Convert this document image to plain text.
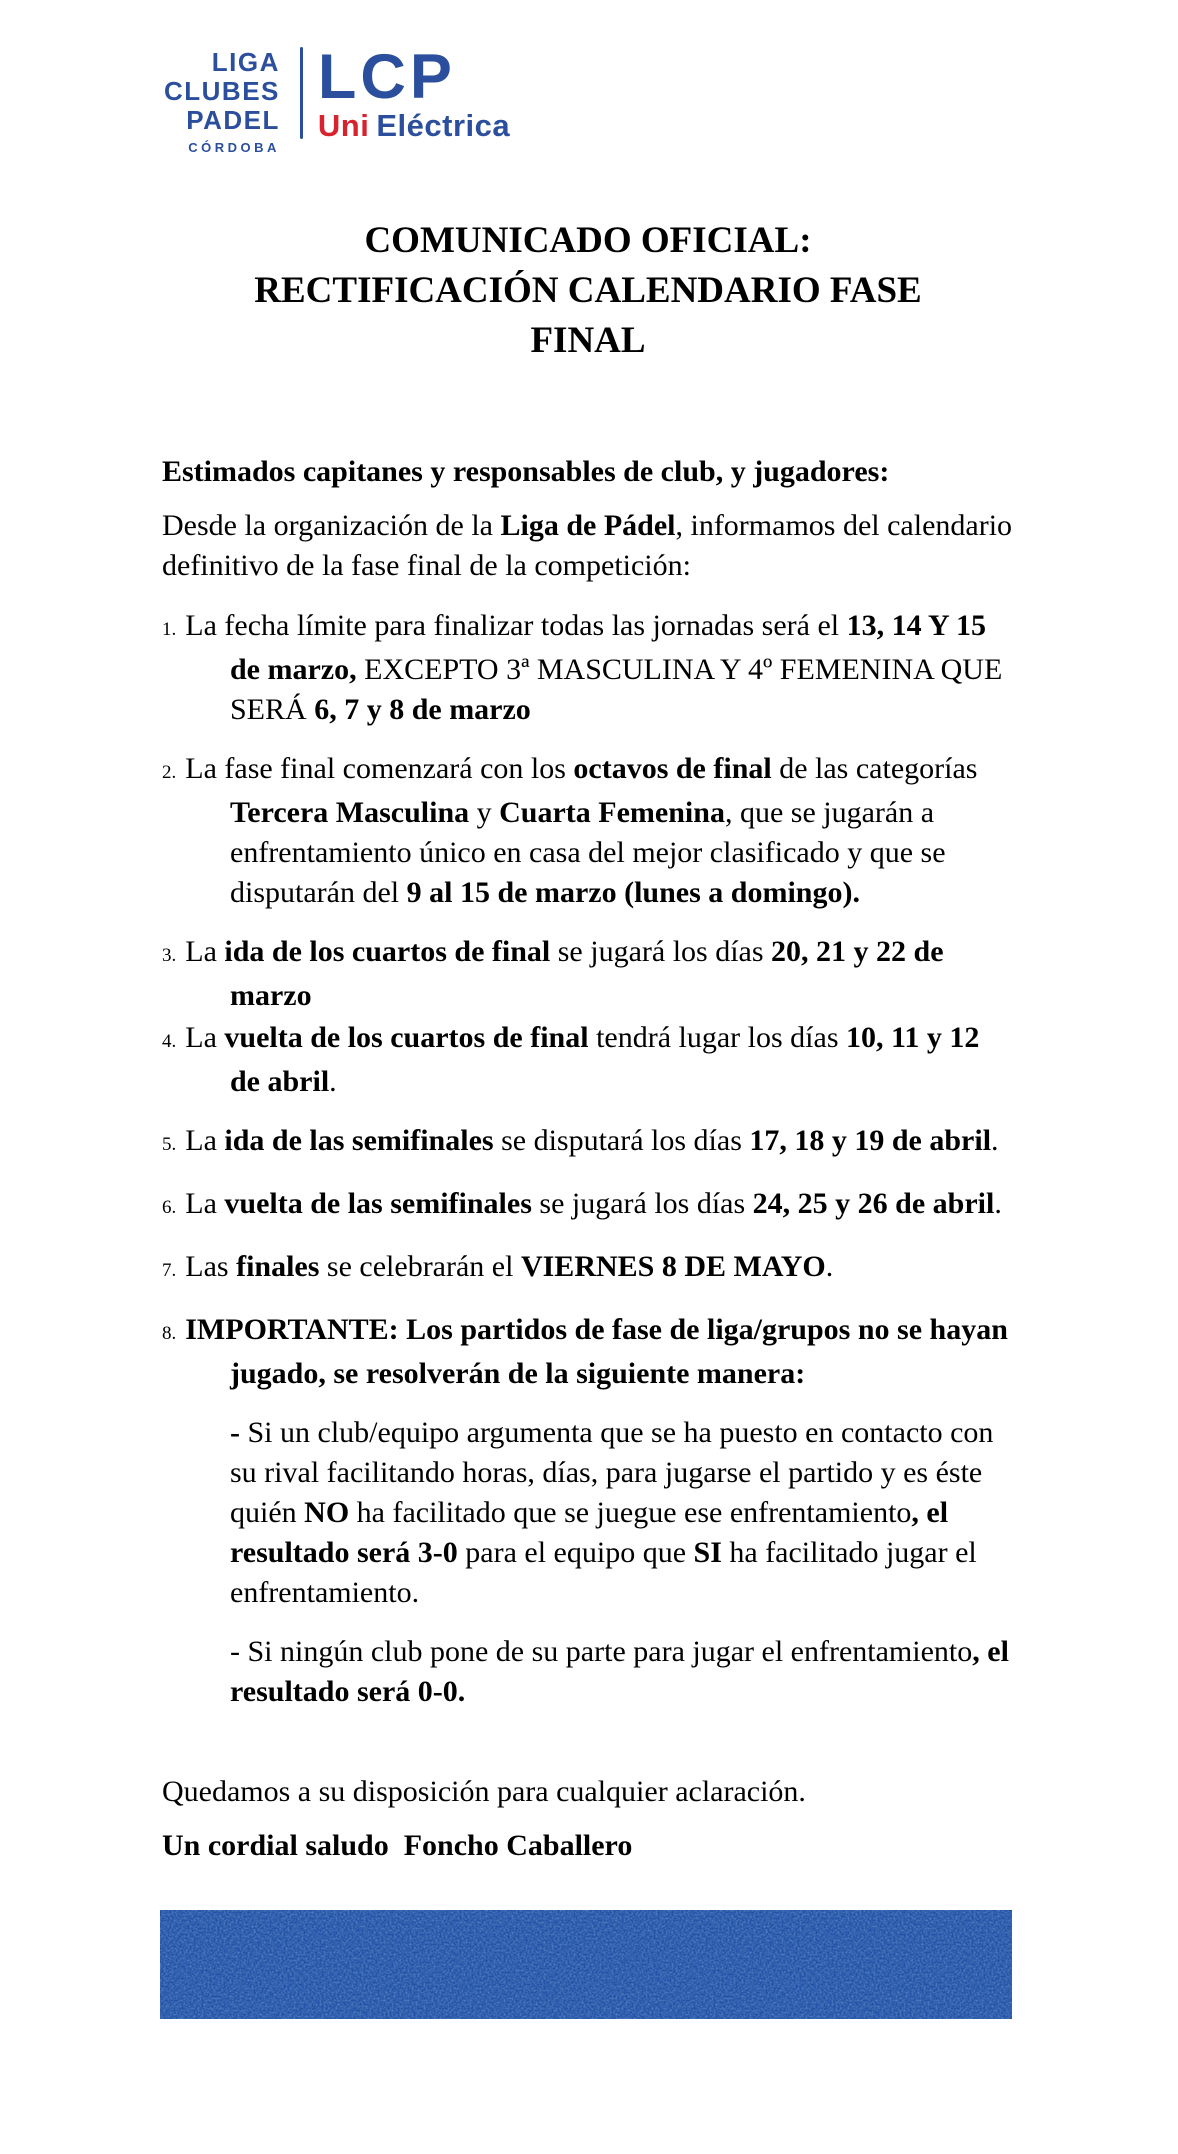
LIGA
CLUBES
PADEL
CÓRDOBA
LCP
Uni Eléctrica
COMUNICADO OFICIAL:
RECTIFICACIÓN CALENDARIO FASE
FINAL

Estimados capitanes y responsables de club, y jugadores:

Desde la organización de la Liga de Pádel, informamos del calendario definitivo de la fase final de la competición:

1. La fecha límite para finalizar todas las jornadas será el 13, 14 Y 15 de marzo, EXCEPTO 3ª MASCULINA Y 4º FEMENINA QUE SERÁ 6, 7 y 8 de marzo
2. La fase final comenzará con los octavos de final de las categorías Tercera Masculina y Cuarta Femenina, que se jugarán a enfrentamiento único en casa del mejor clasificado y que se disputarán del 9 al 15 de marzo (lunes a domingo).
3. La ida de los cuartos de final se jugará los días 20, 21 y 22 de marzo
4. La vuelta de los cuartos de final tendrá lugar los días 10, 11 y 12 de abril.
5. La ida de las semifinales se disputará los días 17, 18 y 19 de abril.
6. La vuelta de las semifinales se jugará los días 24, 25 y 26 de abril.
7. Las finales se celebrarán el VIERNES 8 DE MAYO.
8. IMPORTANTE: Los partidos de fase de liga/grupos no se hayan jugado, se resolverán de la siguiente manera:

- Si un club/equipo argumenta que se ha puesto en contacto con su rival facilitando horas, días, para jugarse el partido y es éste quién NO ha facilitado que se juegue ese enfrentamiento, el resultado será 3-0 para el equipo que SI ha facilitado jugar el enfrentamiento.

- Si ningún club pone de su parte para jugar el enfrentamiento, el resultado será 0-0.

Quedamos a su disposición para cualquier aclaración.

Un cordial saludo  Foncho Caballero
